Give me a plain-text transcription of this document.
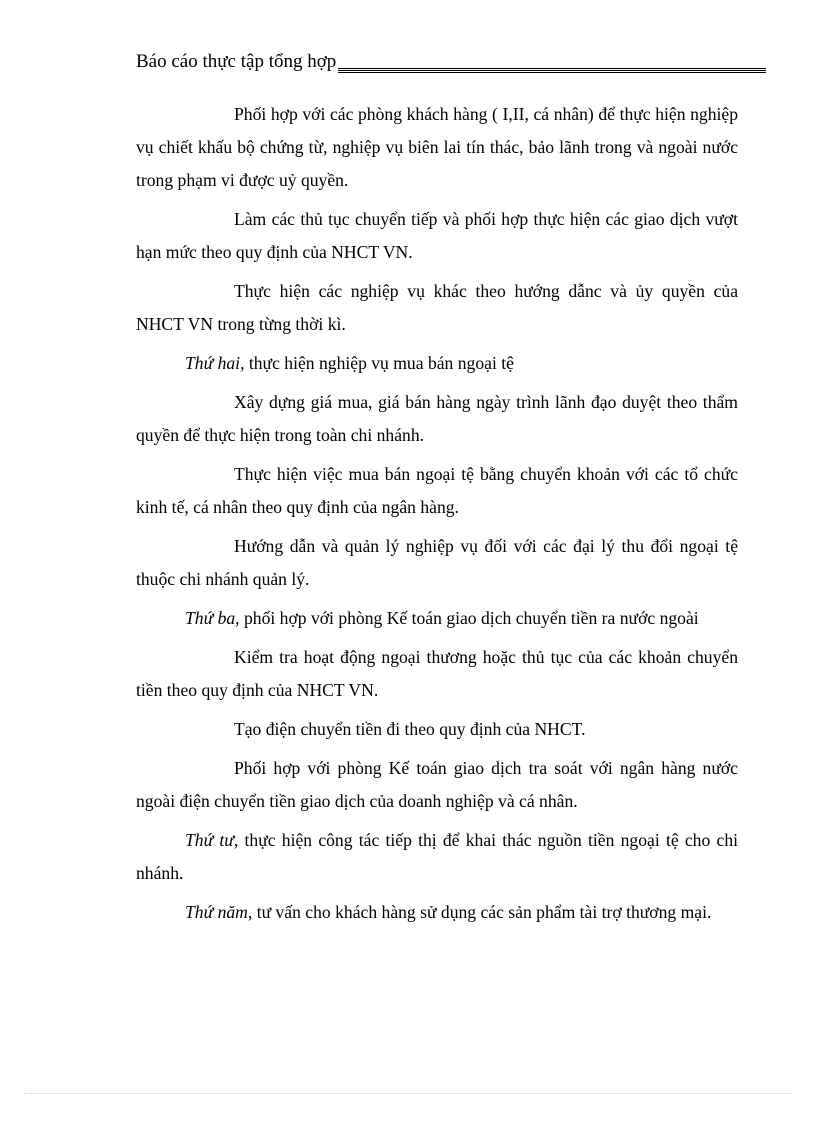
Báo cáo thực tập tổng hợp

Phối hợp với các phòng khách hàng ( I,II, cá nhân) để thực hiện nghiệp vụ chiết khấu bộ chứng từ, nghiệp vụ biên lai tín thác, bảo lãnh trong và ngoài nước trong phạm vi được uỷ quyền.

Làm các thủ tục chuyển tiếp và phối hợp thực hiện các giao dịch vượt hạn mức theo quy định của NHCT VN.

Thực hiện các nghiệp vụ khác theo hướng dẫnc và ủy quyền của NHCT VN trong từng thời kì.

Thứ hai, thực hiện nghiệp vụ mua bán ngoại tệ

Xây dựng giá mua, giá bán hàng ngày trình lãnh đạo duyệt theo thẩm quyền để thực hiện trong toàn chi nhánh.

Thực hiện việc mua bán ngoại tệ bằng chuyển khoản với các tổ chức kinh tế, cá nhân theo quy định của ngân hàng.

Hướng dẫn và quản lý nghiệp vụ đối với các đại lý thu đổi ngoại tệ thuộc chi nhánh quản lý.

Thứ ba, phối hợp với phòng Kế toán giao dịch chuyển tiền ra nước ngoài

Kiểm tra hoạt động ngoại thương hoặc thủ tục của các khoản chuyển tiền theo quy định của NHCT VN.

Tạo điện chuyển tiền đi theo quy định của NHCT.

Phối hợp với phòng Kế toán giao dịch tra soát với ngân hàng nước ngoài điện chuyển tiền giao dịch của doanh nghiệp và cá nhân.

Thứ tư, thực hiện công tác tiếp thị để khai thác nguồn tiền ngoại tệ cho chi nhánh.

Thứ năm, tư vấn cho khách hàng sử dụng các sản phẩm tài trợ thương mại.
